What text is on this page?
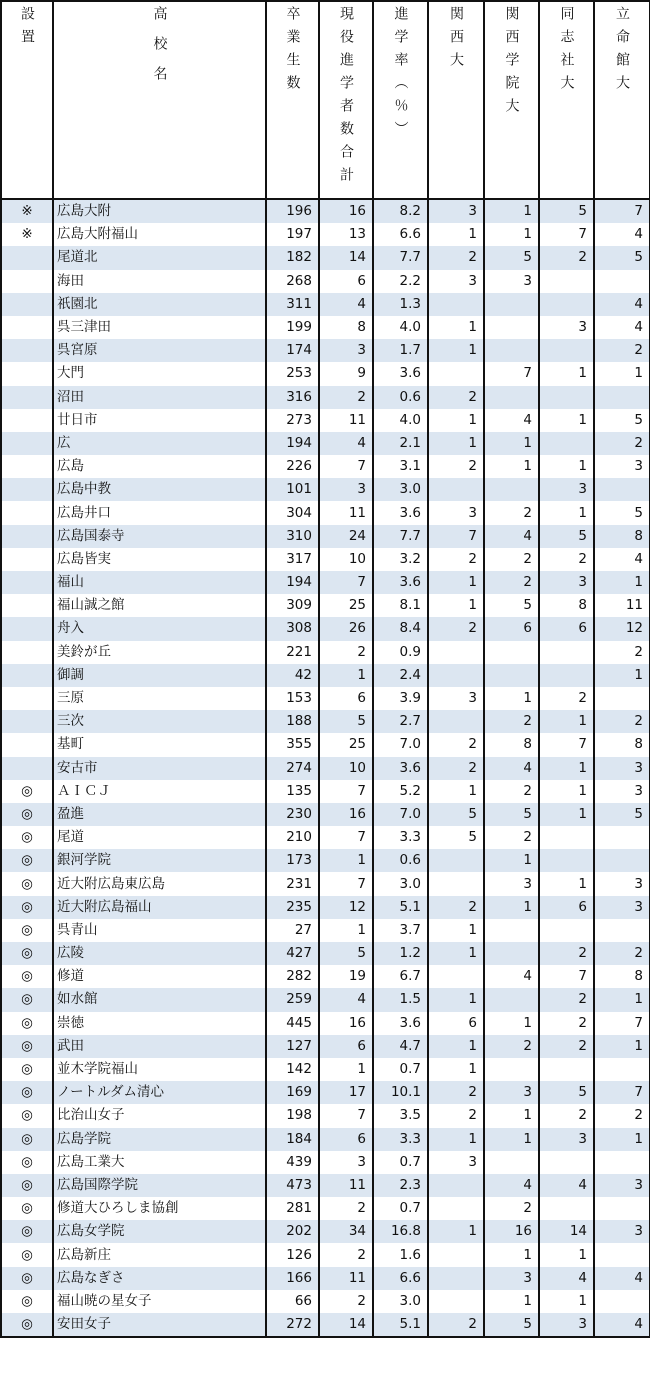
設置	高校名	卒業生数	現役進学者数合計	進学率（％）	関西大	関西学院大	同志社大	立命館大

※	広島大附	196	16	8.2	3	1	5	7
※	広島大附福山	197	13	6.6	1	1	7	4
	尾道北	182	14	7.7	2	5	2	5
	海田	268	6	2.2	3	3		
	祇園北	311	4	1.3				4
	呉三津田	199	8	4.0	1		3	4
	呉宮原	174	3	1.7	1			2
	大門	253	9	3.6		7	1	1
	沼田	316	2	0.6	2			
	廿日市	273	11	4.0	1	4	1	5
	広	194	4	2.1	1	1		2
	広島	226	7	3.1	2	1	1	3
	広島中教	101	3	3.0			3	
	広島井口	304	11	3.6	3	2	1	5
	広島国泰寺	310	24	7.7	7	4	5	8
	広島皆実	317	10	3.2	2	2	2	4
	福山	194	7	3.6	1	2	3	1
	福山誠之館	309	25	8.1	1	5	8	11
	舟入	308	26	8.4	2	6	6	12
	美鈴が丘	221	2	0.9				2
	御調	42	1	2.4				1
	三原	153	6	3.9	3	1	2	
	三次	188	5	2.7		2	1	2
	基町	355	25	7.0	2	8	7	8
	安古市	274	10	3.6	2	4	1	3
◎	ＡＩＣＪ	135	7	5.2	1	2	1	3
◎	盈進	230	16	7.0	5	5	1	5
◎	尾道	210	7	3.3	5	2		
◎	銀河学院	173	1	0.6		1		
◎	近大附広島東広島	231	7	3.0		3	1	3
◎	近大附広島福山	235	12	5.1	2	1	6	3
◎	呉青山	27	1	3.7	1			
◎	広陵	427	5	1.2	1		2	2
◎	修道	282	19	6.7		4	7	8
◎	如水館	259	4	1.5	1		2	1
◎	崇徳	445	16	3.6	6	1	2	7
◎	武田	127	6	4.7	1	2	2	1
◎	並木学院福山	142	1	0.7	1			
◎	ノートルダム清心	169	17	10.1	2	3	5	7
◎	比治山女子	198	7	3.5	2	1	2	2
◎	広島学院	184	6	3.3	1	1	3	1
◎	広島工業大	439	3	0.7	3			
◎	広島国際学院	473	11	2.3		4	4	3
◎	修道大ひろしま協創	281	2	0.7		2		
◎	広島女学院	202	34	16.8	1	16	14	3
◎	広島新庄	126	2	1.6		1	1	
◎	広島なぎさ	166	11	6.6		3	4	4
◎	福山暁の星女子	66	2	3.0		1	1	
◎	安田女子	272	14	5.1	2	5	3	4
